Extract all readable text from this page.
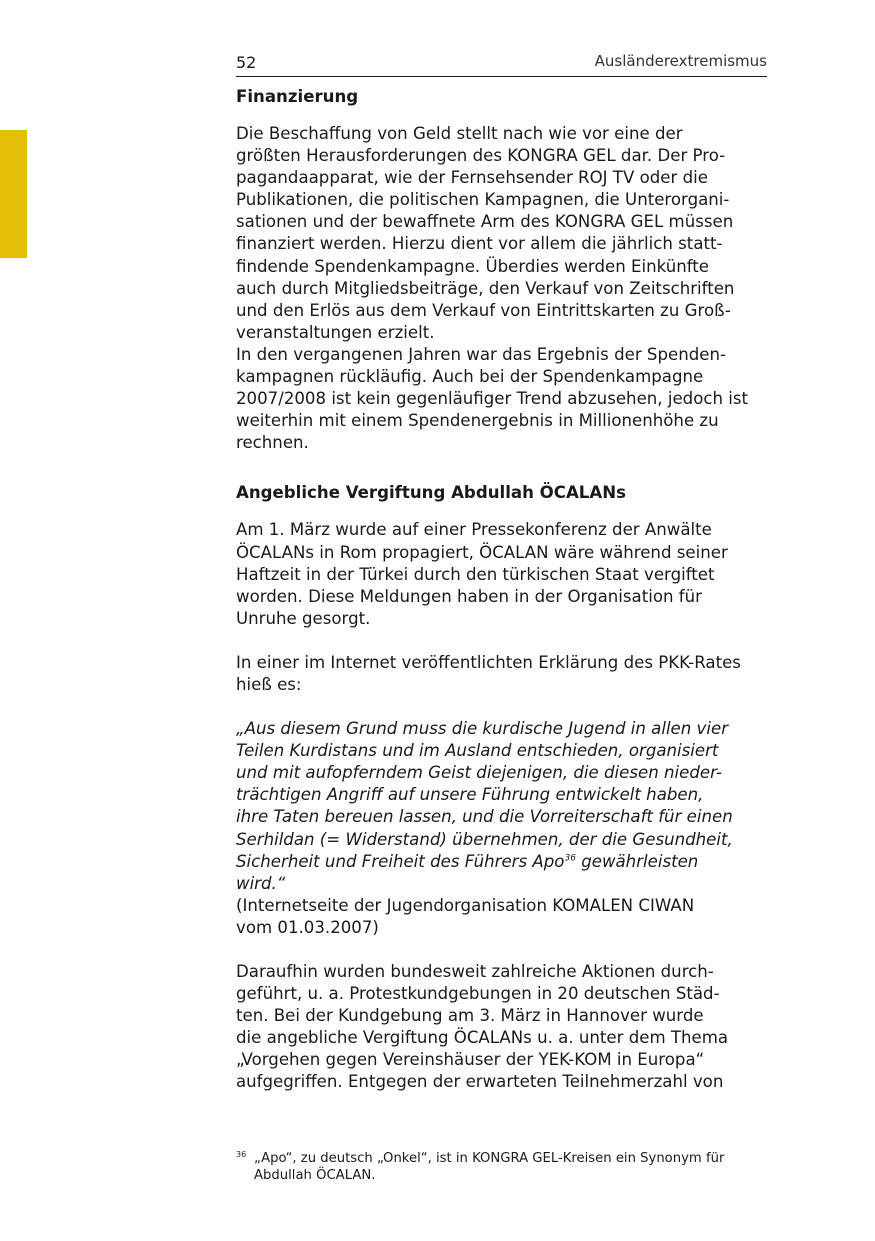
52	Ausländerextremismus
Finanzierung
Die Beschaffung von Geld stellt nach wie vor eine der
größten Herausforderungen des KONGRA GEL dar. Der Pro-
pagandaapparat, wie der Fernsehsender ROJ TV oder die
Publikationen, die politischen Kampagnen, die Unterorgani-
sationen und der bewaffnete Arm des KONGRA GEL müssen
finanziert werden. Hierzu dient vor allem die jährlich statt-
findende Spendenkampagne. Überdies werden Einkünfte
auch durch Mitgliedsbeiträge, den Verkauf von Zeitschriften
und den Erlös aus dem Verkauf von Eintrittskarten zu Groß-
veranstaltungen erzielt.
In den vergangenen Jahren war das Ergebnis der Spenden-
kampagnen rückläufig. Auch bei der Spendenkampagne
2007/2008 ist kein gegenläufiger Trend abzusehen, jedoch ist
weiterhin mit einem Spendenergebnis in Millionenhöhe zu
rechnen.
Angebliche Vergiftung Abdullah ÖCALANs
Am 1. März wurde auf einer Pressekonferenz der Anwälte
ÖCALANs in Rom propagiert, ÖCALAN wäre während seiner
Haftzeit in der Türkei durch den türkischen Staat vergiftet
worden. Diese Meldungen haben in der Organisation für
Unruhe gesorgt.
In einer im Internet veröffentlichten Erklärung des PKK-Rates
hieß es:
„Aus diesem Grund muss die kurdische Jugend in allen vier
Teilen Kurdistans und im Ausland entschieden, organisiert
und mit aufopferndem Geist diejenigen, die diesen nieder-
trächtigen Angriff auf unsere Führung entwickelt haben,
ihre Taten bereuen lassen, und die Vorreiterschaft für einen
Serhildan (= Widerstand) übernehmen, der die Gesundheit,
Sicherheit und Freiheit des Führers Apo$^{36}$ gewährleisten
wird.“
(Internetseite der Jugendorganisation KOMALEN CIWAN
vom 01.03.2007)
Daraufhin wurden bundesweit zahlreiche Aktionen durch-
geführt, u. a. Protestkundgebungen in 20 deutschen Städ-
ten. Bei der Kundgebung am 3. März in Hannover wurde
die angebliche Vergiftung ÖCALANs u. a. unter dem Thema
„Vorgehen gegen Vereinshäuser der YEK-KOM in Europa“
aufgegriffen. Entgegen der erwarteten Teilnehmerzahl von
36 „Apo“, zu deutsch „Onkel“, ist in KONGRA GEL-Kreisen ein Synonym für
Abdullah ÖCALAN.
